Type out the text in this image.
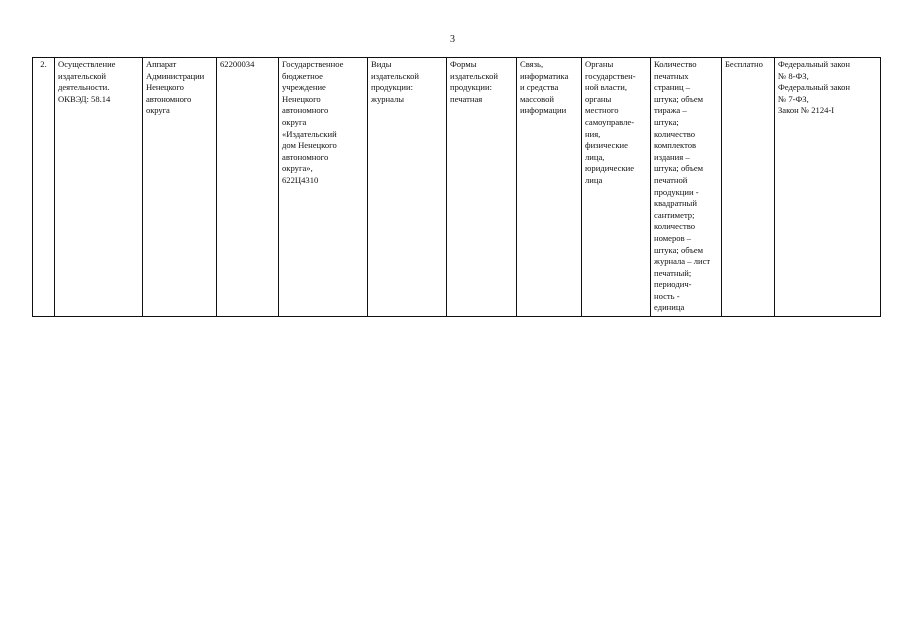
3
2.	Осуществление
издательской
деятельности.
ОКВЭД: 58.14	Аппарат
Администрации
Ненецкого
автономного
округа	62200034	Государственное
бюджетное
учреждение
Ненецкого
автономного
округа
«Издательский
дом Ненецкого
автономного
округа»,
622Ц4310	Виды
издательской
продукции:
журналы	Формы
издательской
продукции:
печатная	Связь,
информатика
и средства
массовой
информации	Органы
государствен-
ной власти,
органы
местного
самоуправле-
ния,
физические
лица,
юридические
лица	Количество
печатных
страниц –
штука; объем
тиража –
штука;
количество
комплектов
издания –
штука; объем
печатной
продукции -
квадратный
сантиметр;
количество
номеров –
штука; объем
журнала – лист
печатный;
периодич-
ность -
единица	Бесплатно	Федеральный закон
№ 8-ФЗ,
Федеральный закон
№ 7-ФЗ,
Закон № 2124-I
